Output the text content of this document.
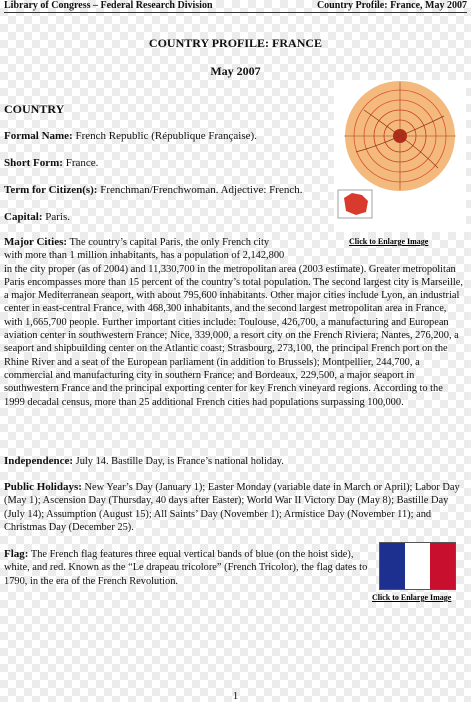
Library of Congress – Federal Research Division	Country Profile: France, May 2007
COUNTRY PROFILE: FRANCE
May 2007
COUNTRY
Formal Name: French Republic (République Française).
Short Form: France.
Term for Citizen(s): Frenchman/Frenchwoman. Adjective: French.
Capital: Paris.
Click to Enlarge Image
Major Cities: The country’s capital Paris, the only French city
with more than 1 million inhabitants, has a population of 2,142,800
in the city proper (as of 2004) and 11,330,700 in the metropolitan area (2003 estimate). Greater metropolitan Paris encompasses more than 15 percent of the country’s total population. The second largest city is Marseille, a major Mediterranean seaport, with about 795,600 inhabitants. Other major cities include Lyon, an industrial center in east-central France, with 468,300 inhabitants, and the second largest metropolitan area in France, with 1,665,700 people. Further important cities include: Toulouse, 426,700, a manufacturing and European aviation center in southwestern France; Nice, 339,000, a resort city on the French Riviera; Nantes, 276,200, a seaport and shipbuilding center on the Atlantic coast; Strasbourg, 273,100, the principal French port on the Rhine River and a seat of the European parliament (in addition to Brussels); Montpellier, 244,700, a commercial and manufacturing city in southern France; and Bordeaux, 229,500, a major seaport in southwestern France and the principal exporting center for key French vineyard regions. According to the 1999 decadal census, more than 25 additional French cities had populations surpassing 100,000.
Independence: July 14. Bastille Day, is France’s national holiday.
Public Holidays: New Year’s Day (January 1); Easter Monday (variable date in March or April); Labor Day (May 1); Ascension Day (Thursday, 40 days after Easter); World War II Victory Day (May 8); Bastille Day (July 14); Assumption (August 15); All Saints’ Day (November 1); Armistice Day (November 11); and Christmas Day (December 25).
Flag: The French flag features three equal vertical bands of blue (on the hoist side), white, and red. Known as the “Le drapeau tricolore” (French Tricolor), the flag dates to 1790, in the era of the French Revolution.
Click to Enlarge Image
1
